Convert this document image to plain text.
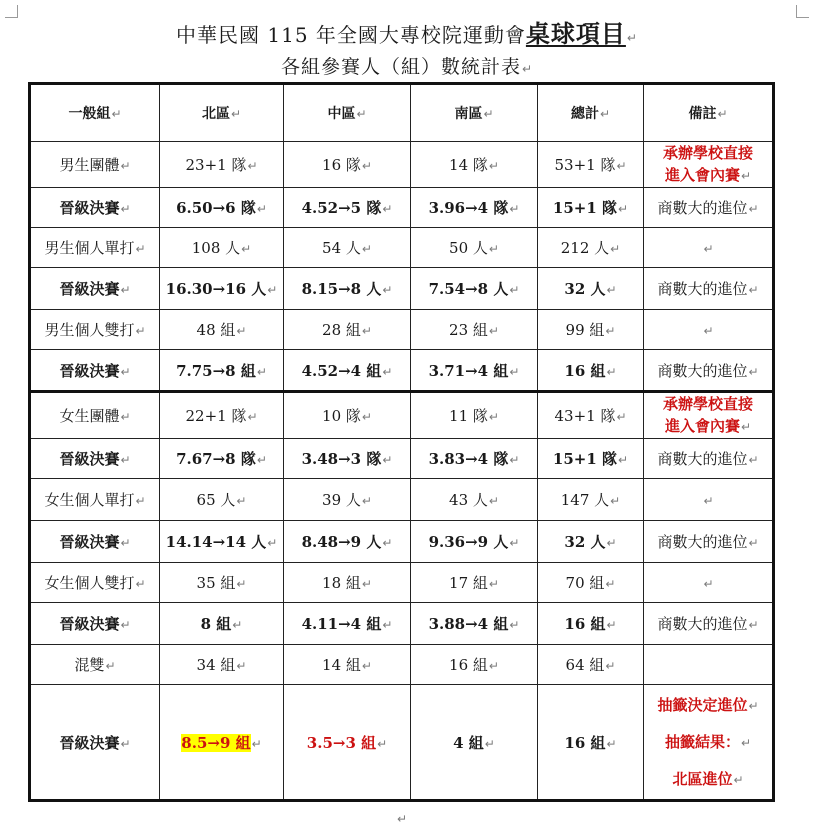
中華民國 115 年全國大專校院運動會桌球項目↵
各組參賽人（組）數統計表↵
一般組↵	北區↵	中區↵	南區↵	總計↵	備註↵
男生團體↵	23+1 隊↵	16 隊↵	14 隊↵	53+1 隊↵	承辦學校直接
進入會內賽↵
晉級決賽↵	6.50→6 隊↵	4.52→5 隊↵	3.96→4 隊↵	15+1 隊↵	商數大的進位↵
男生個人單打↵	108 人↵	54 人↵	50 人↵	212 人↵	↵
晉級決賽↵	16.30→16 人↵	8.15→8 人↵	7.54→8 人↵	32 人↵	商數大的進位↵
男生個人雙打↵	48 組↵	28 組↵	23 組↵	99 組↵	↵
晉級決賽↵	7.75→8 組↵	4.52→4 組↵	3.71→4 組↵	16 組↵	商數大的進位↵
女生團體↵	22+1 隊↵	10 隊↵	11 隊↵	43+1 隊↵	承辦學校直接
進入會內賽↵
晉級決賽↵	7.67→8 隊↵	3.48→3 隊↵	3.83→4 隊↵	15+1 隊↵	商數大的進位↵
女生個人單打↵	65 人↵	39 人↵	43 人↵	147 人↵	↵
晉級決賽↵	14.14→14 人↵	8.48→9 人↵	9.36→9 人↵	32 人↵	商數大的進位↵
女生個人雙打↵	35 組↵	18 組↵	17 組↵	70 組↵	↵
晉級決賽↵	8 組↵	4.11→4 組↵	3.88→4 組↵	16 組↵	商數大的進位↵
混雙↵	34 組↵	14 組↵	16 組↵	64 組↵	
晉級決賽↵	8.5→9 組↵	3.5→3 組↵	4 組↵	16 組↵	抽籤決定進位↵
抽籤結果：↵
北區進位↵
↵
